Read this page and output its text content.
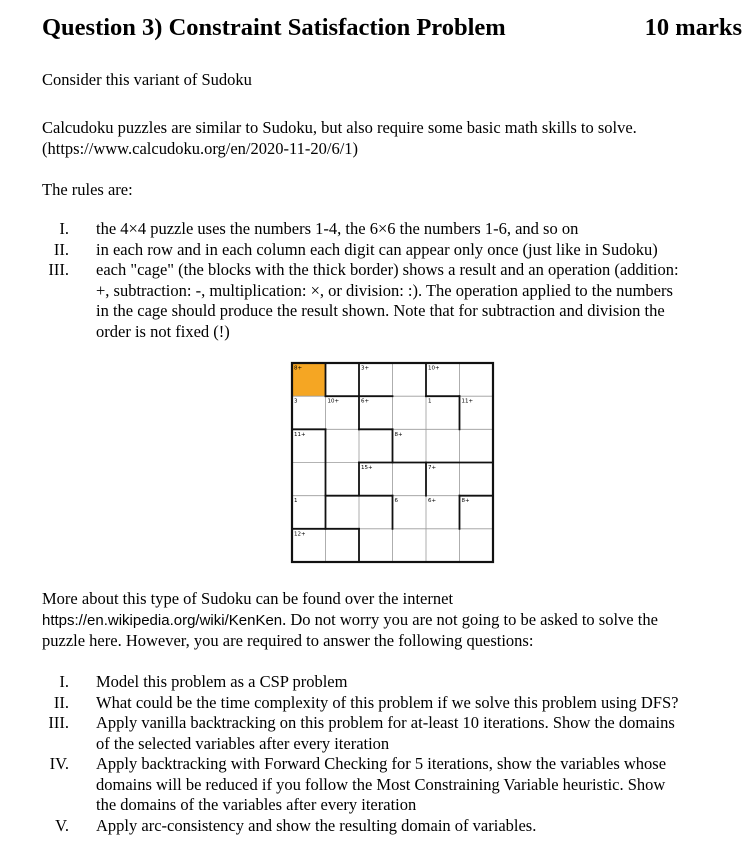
Question 3) Constraint Satisfaction Problem	10 marks
Consider this variant of Sudoku
Calcudoku puzzles are similar to Sudoku, but also require some basic math skills to solve.
(https://www.calcudoku.org/en/2020-11-20/6/1)
The rules are:
I. the 4×4 puzzle uses the numbers 1-4, the 6×6 the numbers 1-6, and so on
II. in each row and in each column each digit can appear only once (just like in Sudoku)
III. each "cage" (the blocks with the thick border) shows a result and an operation (addition:
+, subtraction: -, multiplication: ×, or division: :). The operation applied to the numbers
in the cage should produce the result shown. Note that for subtraction and division the
order is not fixed (!)
8+	3+	10+
3	10+	6+	1	11+
11+	8+
15+	7+
1	6	6+	8+
12+
More about this type of Sudoku can be found over the internet
https://en.wikipedia.org/wiki/KenKen. Do not worry you are not going to be asked to solve the
puzzle here. However, you are required to answer the following questions:
I. Model this problem as a CSP problem
II. What could be the time complexity of this problem if we solve this problem using DFS?
III. Apply vanilla backtracking on this problem for at-least 10 iterations. Show the domains
of the selected variables after every iteration
IV. Apply backtracking with Forward Checking for 5 iterations, show the variables whose
domains will be reduced if you follow the Most Constraining Variable heuristic. Show
the domains of the variables after every iteration
V. Apply arc-consistency and show the resulting domain of variables.
